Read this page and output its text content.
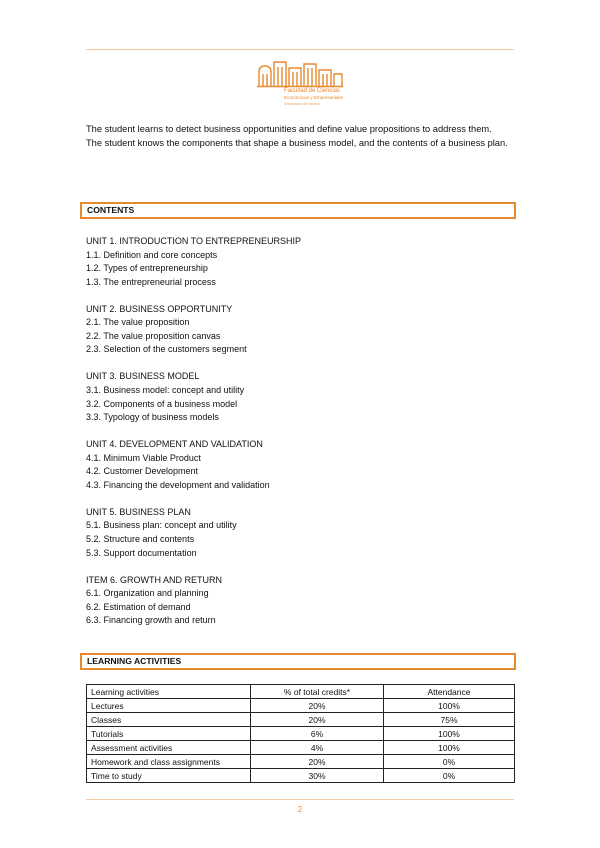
Facultad de Ciencias
Económicas y Empresariales
Universidad de Navarra

The student learns to detect business opportunities and define value propositions to address them.

The student knows the components that shape a business model, and the contents of a business plan.

CONTENTS
UNIT 1. INTRODUCTION TO ENTREPRENEURSHIP
1.1. Definition and core concepts
1.2. Types of entrepreneurship
1.3. The entrepreneurial process
UNIT 2. BUSINESS OPPORTUNITY
2.1. The value proposition
2.2. The value proposition canvas
2.3. Selection of the customers segment
UNIT 3. BUSINESS MODEL
3.1. Business model: concept and utility
3.2. Components of a business model
3.3. Typology of business models
UNIT 4. DEVELOPMENT AND VALIDATION
4.1. Minimum Viable Product
4.2. Customer Development
4.3. Financing the development and validation
UNIT 5. BUSINESS PLAN
5.1. Business plan: concept and utility
5.2. Structure and contents
5.3. Support documentation
ITEM 6. GROWTH AND RETURN
6.1. Organization and planning
6.2. Estimation of demand
6.3. Financing growth and return
LEARNING ACTIVITIES
Learning activities	% of total credits*	Attendance
Lectures	20%	100%
Classes	20%	75%
Tutorials	6%	100%
Assessment activities	4%	100%
Homework and class assignments	20%	0%
Time to study	30%	0%
2
